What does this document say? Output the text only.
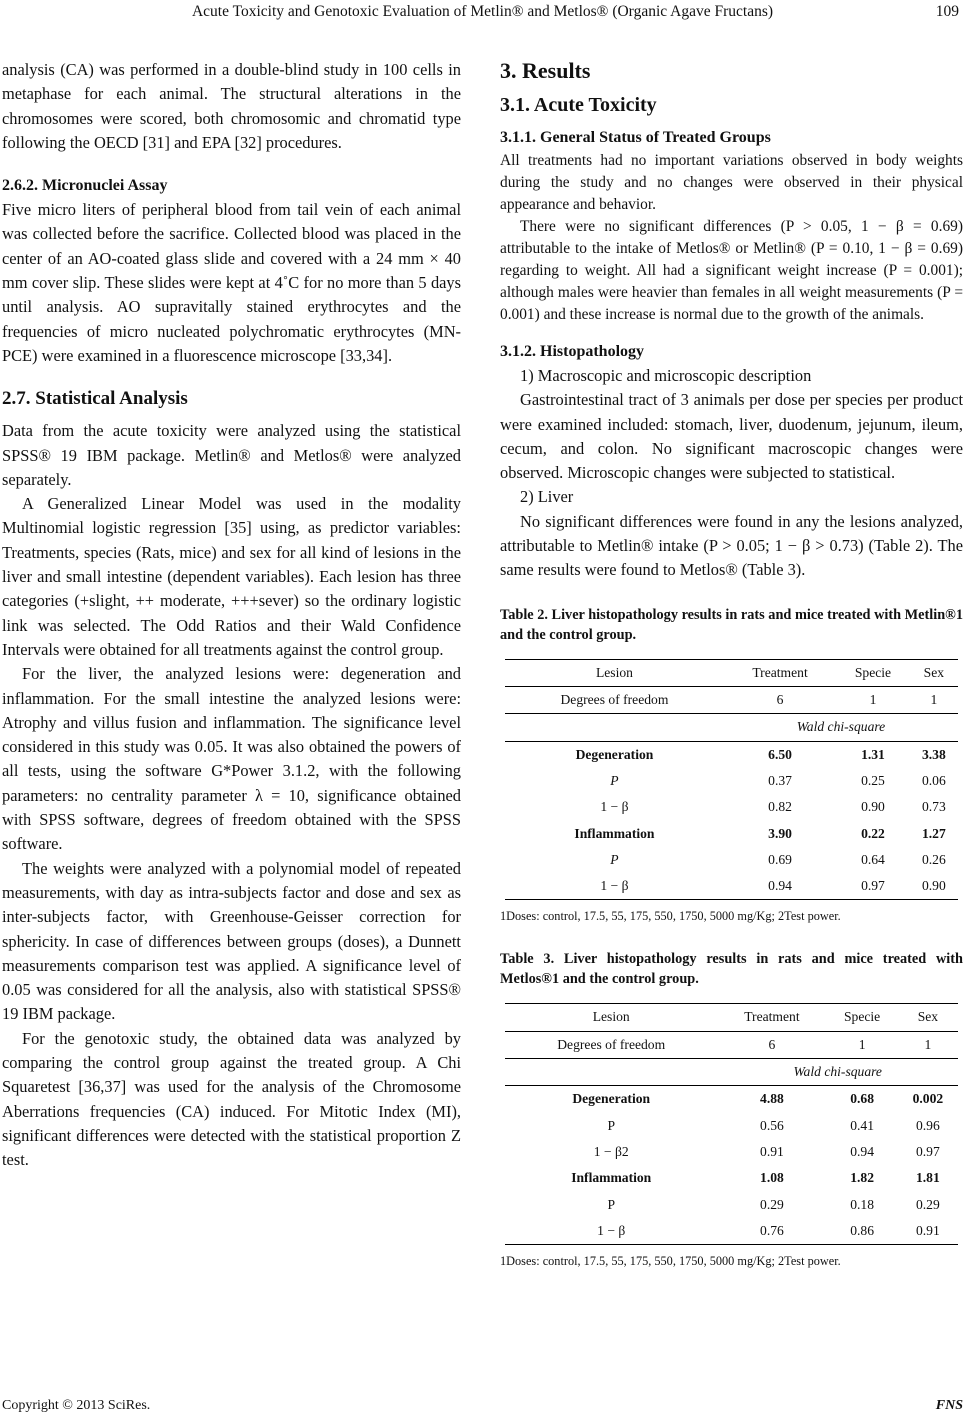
Acute Toxicity and Genotoxic Evaluation of Metlin® and Metlos® (Organic Agave Fructans)	109

analysis (CA) was performed in a double-blind study in 100 cells in metaphase for each animal. The structural alterations in the chromosomes were scored, both chromosomic and chromatid type following the OECD [31] and EPA [32] procedures.

2.6.2. Micronuclei Assay

Five micro liters of peripheral blood from tail vein of each animal was collected before the sacrifice. Collected blood was placed in the center of an AO-coated glass slide and covered with a 24 mm × 40 mm cover slip. These slides were kept at 4˚C for no more than 5 days until analysis. AO supravitally stained erythrocytes and the frequencies of micro nucleated polychromatic erythrocytes (MN-PCE) were examined in a fluorescence microscope [33,34].

2.7. Statistical Analysis

Data from the acute toxicity were analyzed using the statistical SPSS® 19 IBM package. Metlin® and Metlos® were analyzed separately.

A Generalized Linear Model was used in the modality Multinomial logistic regression [35] using, as predictor variables: Treatments, species (Rats, mice) and sex for all kind of lesions in the liver and small intestine (dependent variables). Each lesion has three categories (+slight, ++ moderate, +++sever) so the ordinary logistic link was selected. The Odd Ratios and their Wald Confidence Intervals were obtained for all treatments against the control group.

For the liver, the analyzed lesions were: degeneration and inflammation. For the small intestine the analyzed lesions were: Atrophy and villus fusion and inflammation. The significance level considered in this study was 0.05. It was also obtained the powers of all tests, using the software G*Power 3.1.2, with the following parameters: no centrality parameter λ = 10, significance obtained with SPSS software, degrees of freedom obtained with the SPSS software.

The weights were analyzed with a polynomial model of repeated measurements, with day as intra-subjects factor and dose and sex as inter-subjects factor, with Greenhouse-Geisser correction for sphericity. In case of differences between groups (doses), a Dunnett measurements comparison test was applied. A significance level of 0.05 was considered for all the analysis, also with statistical SPSS® 19 IBM package.

For the genotoxic study, the obtained data was analyzed by comparing the control group against the treated group. A Chi Squaretest [36,37] was used for the analysis of the Chromosome Aberrations frequencies (CA) induced. For Mitotic Index (MI), significant differences were detected with the statistical proportion Z test.

3. Results
3.1. Acute Toxicity
3.1.1. General Status of Treated Groups

All treatments had no important variations observed in body weights during the study and no changes were observed in their physical appearance and behavior.

There were no significant differences (P > 0.05, 1 − β = 0.69) attributable to the intake of Metlos® or Metlin® (P = 0.10, 1 − β = 0.69) regarding to weight. All had a significant weight increase (P = 0.001); although males were heavier than females in all weight measurements (P = 0.001) and these increase is normal due to the growth of the animals.

3.1.2. Histopathology

1) Macroscopic and microscopic description

Gastrointestinal tract of 3 animals per dose per species per product were examined included: stomach, liver, duodenum, jejunum, ileum, cecum, and colon. No significant macroscopic changes were observed. Microscopic changes were subjected to statistical.

2) Liver

No significant differences were found in any the lesions analyzed, attributable to Metlin® intake (P > 0.05; 1 − β > 0.73) (Table 2). The same results were found to Metlos® (Table 3).

Table 2. Liver histopathology results in rats and mice treated with Metlin®1 and the control group.
Lesion	Treatment	Specie	Sex
Degrees of freedom	6	1	1
	Wald chi-square		
Degeneration	6.50	1.31	3.38
P	0.37	0.25	0.06
1 − β	0.82	0.90	0.73
Inflammation	3.90	0.22	1.27
P	0.69	0.64	0.26
1 − β	0.94	0.97	0.90
1Doses: control, 17.5, 55, 175, 550, 1750, 5000 mg/Kg; 2Test power.
Table 3. Liver histopathology results in rats and mice treated with Metlos®1 and the control group.
Lesion	Treatment	Specie	Sex
Degrees of freedom	6	1	1
	Wald chi-square		
Degeneration	4.88	0.68	0.002
P	0.56	0.41	0.96
1 − β2	0.91	0.94	0.97
Inflammation	1.08	1.82	1.81
P	0.29	0.18	0.29
1 − β	0.76	0.86	0.91
1Doses: control, 17.5, 55, 175, 550, 1750, 5000 mg/Kg; 2Test power.
Copyright © 2013 SciRes.	FNS
